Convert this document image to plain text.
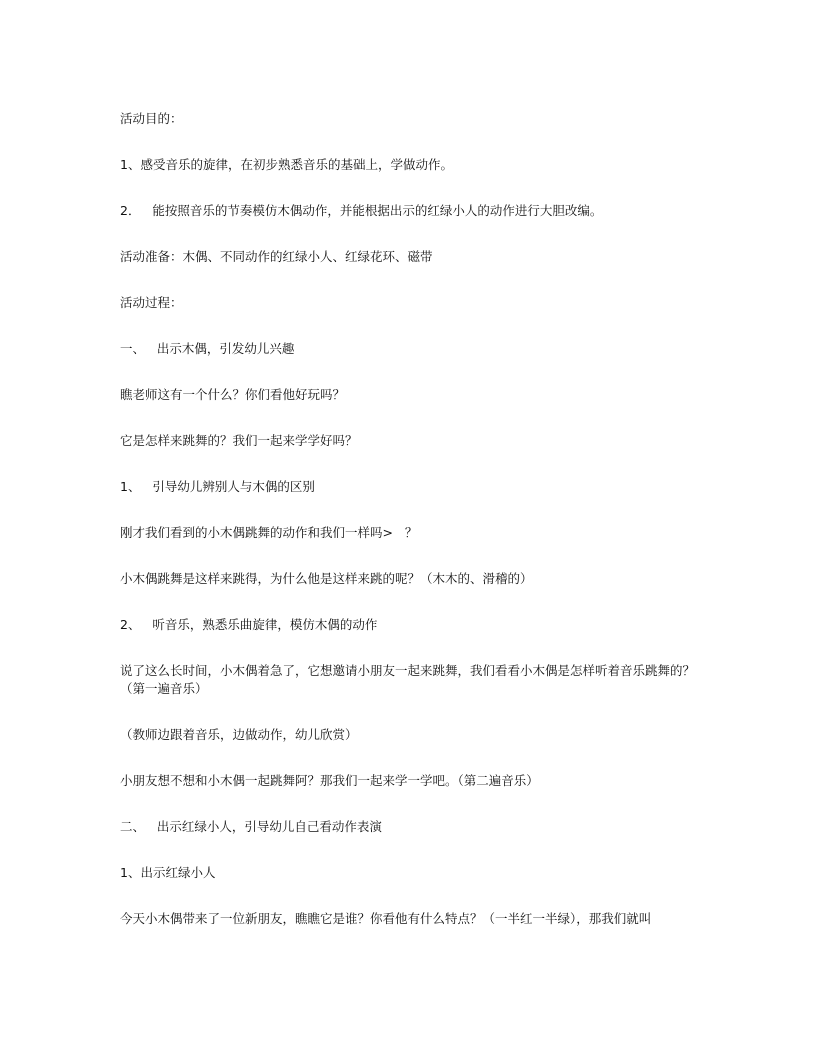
活动目的：

1、感受音乐的旋律，在初步熟悉音乐的基础上，学做动作。

2．   能按照音乐的节奏模仿木偶动作，并能根据出示的红绿小人的动作进行大胆改编。

活动准备：木偶、不同动作的红绿小人、红绿花环、磁带

活动过程：

一、   出示木偶，引发幼儿兴趣

瞧老师这有一个什么？你们看他好玩吗？

它是怎样来跳舞的？我们一起来学学好吗？

1、   引导幼儿辨别人与木偶的区别

刚才我们看到的小木偶跳舞的动作和我们一样吗>   ？

小木偶跳舞是这样来跳得，为什么他是这样来跳的呢？（木木的、滑稽的）

2、   听音乐，熟悉乐曲旋律，模仿木偶的动作

说了这么长时间，小木偶着急了，它想邀请小朋友一起来跳舞，我们看看小木偶是怎样听着音乐跳舞的？（第一遍音乐）

（教师边跟着音乐，边做动作，幼儿欣赏）

小朋友想不想和小木偶一起跳舞阿？那我们一起来学一学吧。（第二遍音乐）

二、   出示红绿小人，引导幼儿自己看动作表演

1、出示红绿小人

今天小木偶带来了一位新朋友，瞧瞧它是谁？你看他有什么特点？（一半红一半绿），那我们就叫
